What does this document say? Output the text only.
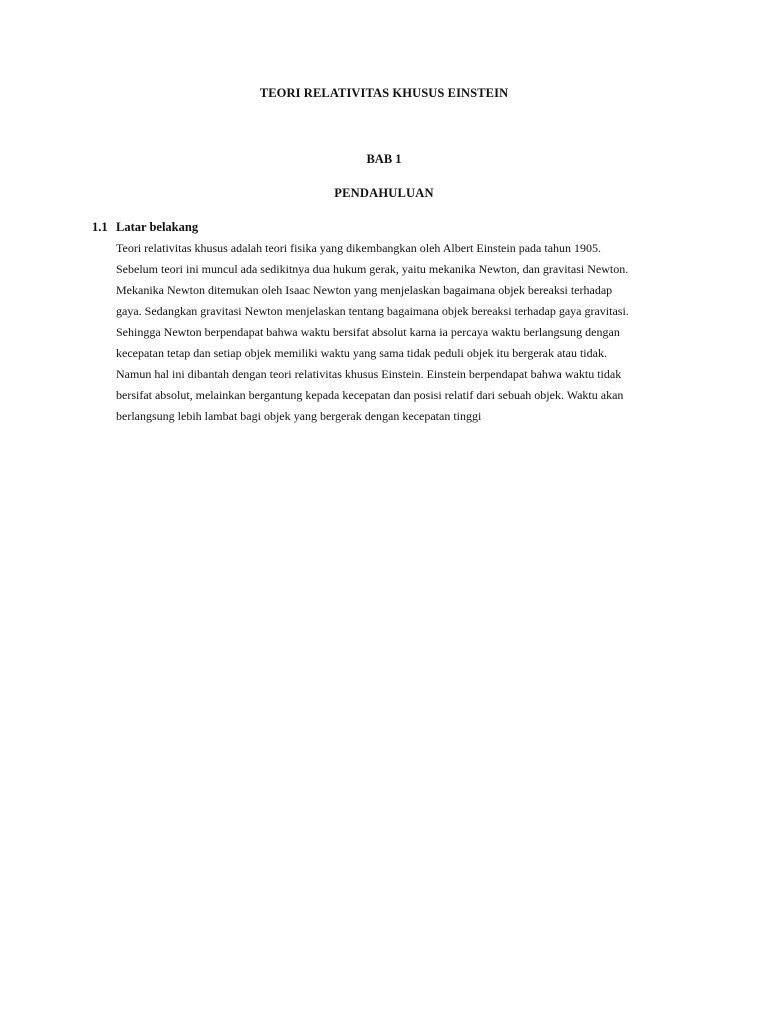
TEORI RELATIVITAS KHUSUS EINSTEIN
BAB 1
PENDAHULUAN
1.1 Latar belakang
Teori relativitas khusus adalah teori fisika yang dikembangkan oleh Albert Einstein pada tahun 1905.
Sebelum teori ini muncul ada sedikitnya dua hukum gerak, yaitu mekanika Newton, dan gravitasi Newton.
Mekanika Newton ditemukan oleh Isaac Newton yang menjelaskan bagaimana objek bereaksi terhadap
gaya. Sedangkan gravitasi Newton menjelaskan tentang bagaimana objek bereaksi terhadap gaya gravitasi.
Sehingga Newton berpendapat bahwa waktu bersifat absolut karna ia percaya waktu berlangsung dengan
kecepatan tetap dan setiap objek memiliki waktu yang sama tidak peduli objek itu bergerak atau tidak.
Namun hal ini dibantah dengan teori relativitas khusus Einstein. Einstein berpendapat bahwa waktu tidak
bersifat absolut, melainkan bergantung kepada kecepatan dan posisi relatif dari sebuah objek. Waktu akan
berlangsung lebih lambat bagi objek yang bergerak dengan kecepatan tinggi
